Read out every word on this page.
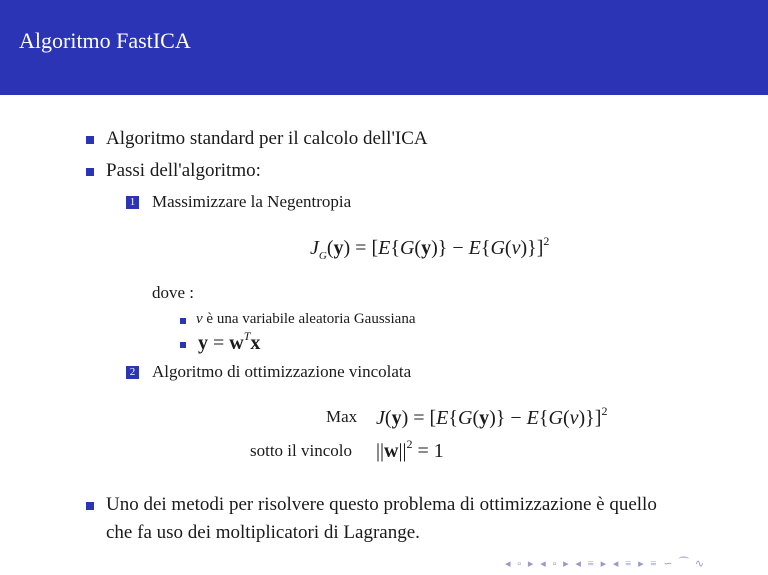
Algoritmo FastICA
Algoritmo standard per il calcolo dell'ICA
Passi dell'algoritmo:
1 Massimizzare la Negentropia
$J_G(y) = [E\{G(y)\} - E\{G(v)\}]^2$
dove :
v è una variabile aleatoria Gaussiana
$y = w^Tx$
2 Algoritmo di ottimizzazione vincolata
Max $J(y) = [E\{G(y)\} - E\{G(v)\}]^2$
sotto il vincolo $||w||^2 = 1$
Uno dei metodi per risolvere questo problema di ottimizzazione è quello
che fa uso dei moltiplicatori di Lagrange.
◂ ▫ ▸ ◂ ▫ ▸ ◂ ≡ ▸ ◂ ≡ ▸ ≡ ∽ ⁀ ∿
